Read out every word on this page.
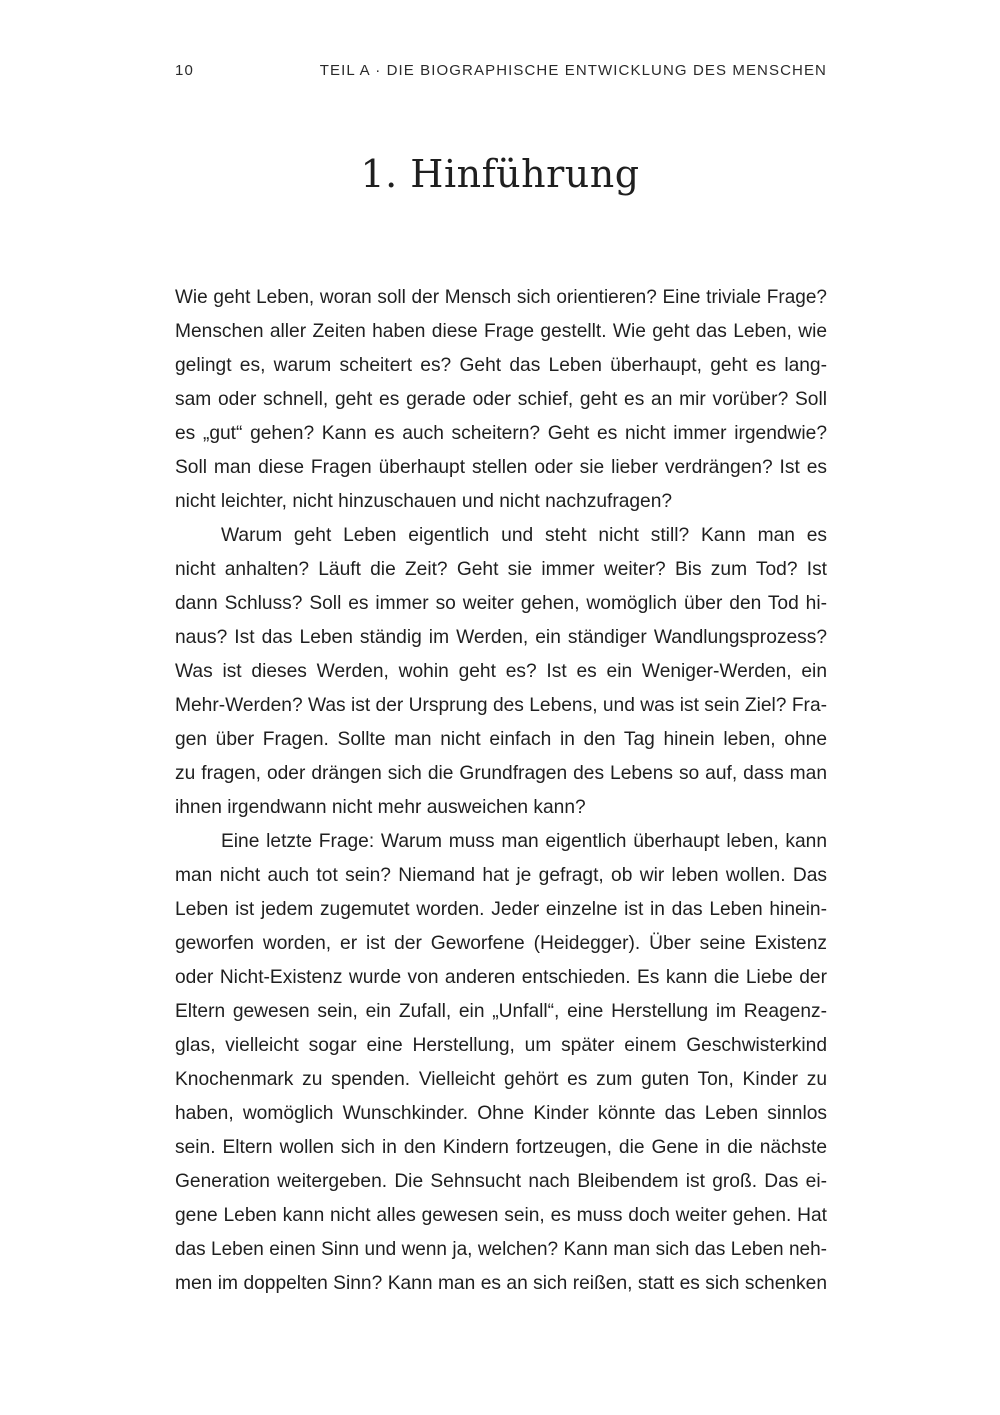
10	TEIL A · DIE BIOGRAPHISCHE ENTWICKLUNG DES MENSCHEN
1. Hinführung

Wie geht Leben, woran soll der Mensch sich orientieren? Eine triviale Frage?
Menschen aller Zeiten haben diese Frage gestellt. Wie geht das Leben, wie
gelingt es, warum scheitert es? Geht das Leben überhaupt, geht es lang-
sam oder schnell, geht es gerade oder schief, geht es an mir vorüber? Soll
es „gut“ gehen? Kann es auch scheitern? Geht es nicht immer irgendwie?
Soll man diese Fragen überhaupt stellen oder sie lieber verdrängen? Ist es
nicht leichter, nicht hinzuschauen und nicht nachzufragen?

Warum geht Leben eigentlich und steht nicht still? Kann man es
nicht anhalten? Läuft die Zeit? Geht sie immer weiter? Bis zum Tod? Ist
dann Schluss? Soll es immer so weiter gehen, womöglich über den Tod hi-
naus? Ist das Leben ständig im Werden, ein ständiger Wandlungsprozess?
Was ist dieses Werden, wohin geht es? Ist es ein Weniger-Werden, ein
Mehr-Werden? Was ist der Ursprung des Lebens, und was ist sein Ziel? Fra-
gen über Fragen. Sollte man nicht einfach in den Tag hinein leben, ohne
zu fragen, oder drängen sich die Grundfragen des Lebens so auf, dass man
ihnen irgendwann nicht mehr ausweichen kann?

Eine letzte Frage: Warum muss man eigentlich überhaupt leben, kann
man nicht auch tot sein? Niemand hat je gefragt, ob wir leben wollen. Das
Leben ist jedem zugemutet worden. Jeder einzelne ist in das Leben hinein-
geworfen worden, er ist der Geworfene (Heidegger). Über seine Existenz
oder Nicht-Existenz wurde von anderen entschieden. Es kann die Liebe der
Eltern gewesen sein, ein Zufall, ein „Unfall“, eine Herstellung im Reagenz-
glas, vielleicht sogar eine Herstellung, um später einem Geschwisterkind
Knochenmark zu spenden. Vielleicht gehört es zum guten Ton, Kinder zu
haben, womöglich Wunschkinder. Ohne Kinder könnte das Leben sinnlos
sein. Eltern wollen sich in den Kindern fortzeugen, die Gene in die nächste
Generation weitergeben. Die Sehnsucht nach Bleibendem ist groß. Das ei-
gene Leben kann nicht alles gewesen sein, es muss doch weiter gehen. Hat
das Leben einen Sinn und wenn ja, welchen? Kann man sich das Leben neh-
men im doppelten Sinn? Kann man es an sich reißen, statt es sich schenken
